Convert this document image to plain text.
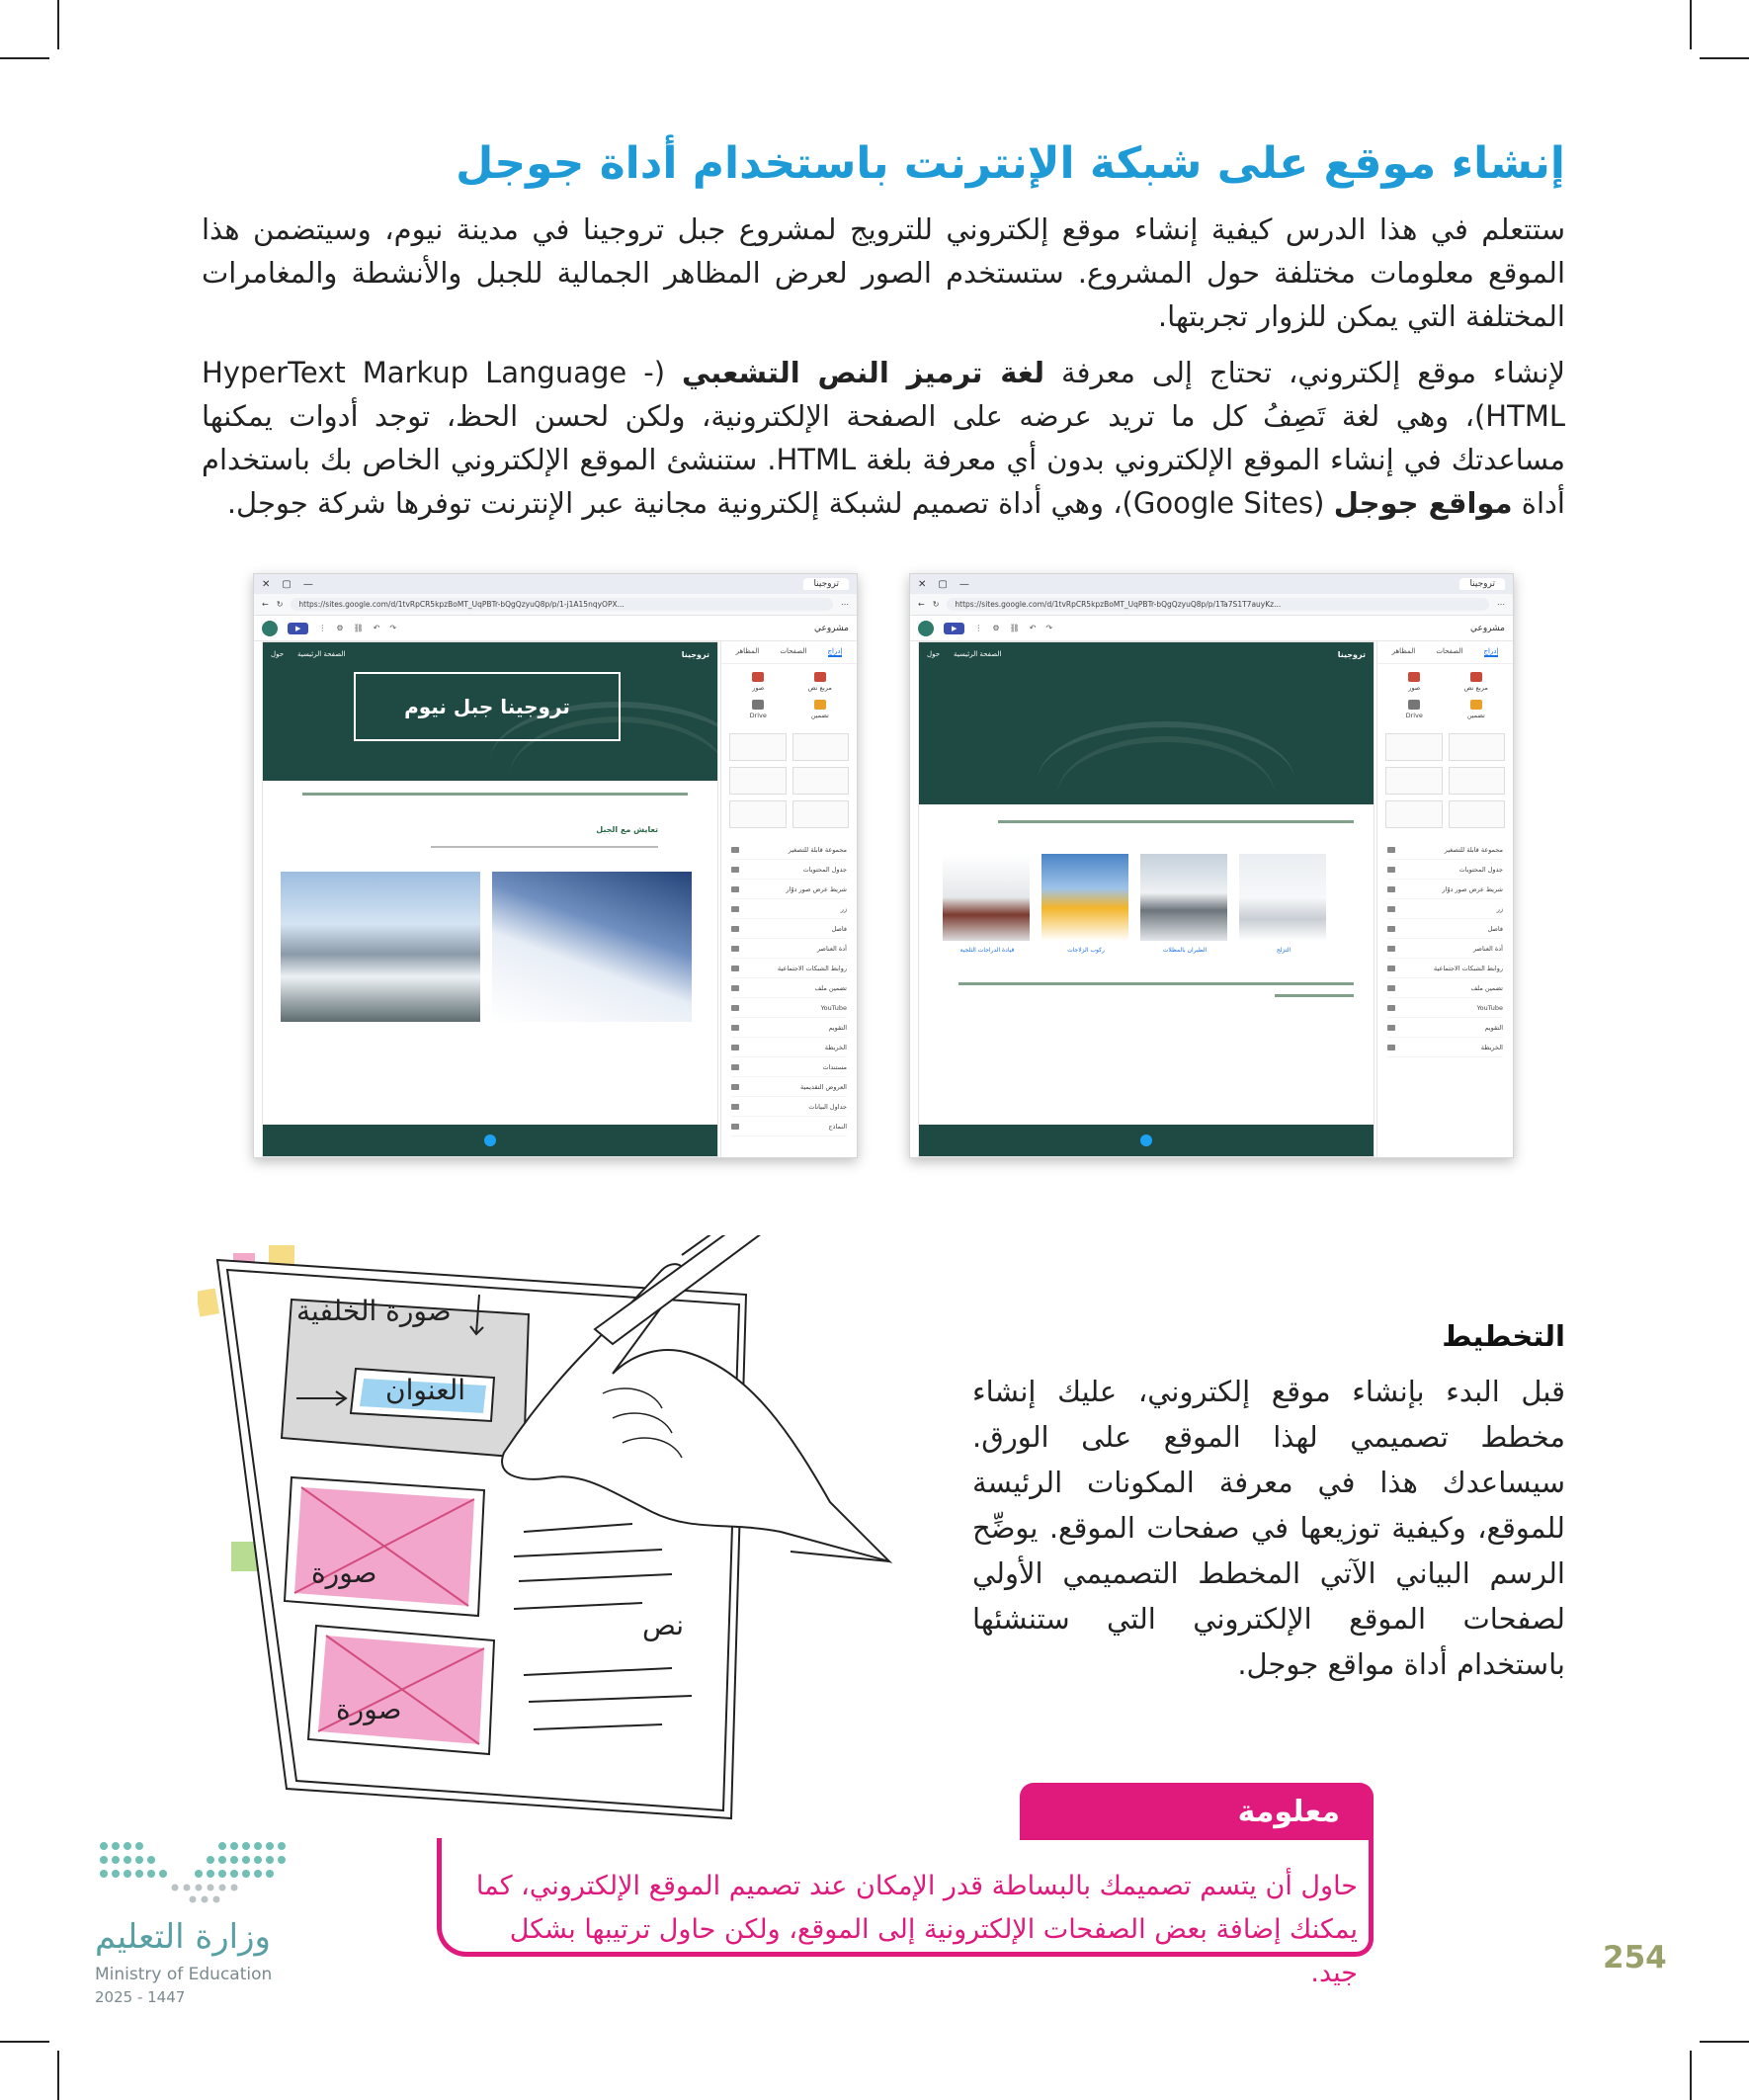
إنشاء موقع على شبكة الإنترنت باستخدام أداة جوجل

ستتعلم في هذا الدرس كيفية إنشاء موقع إلكتروني للترويج لمشروع جبل تروجينا في مدينة نيوم، وسيتضمن هذا الموقع معلومات مختلفة حول المشروع. ستستخدم الصور لعرض المظاهر الجمالية للجبل والأنشطة والمغامرات المختلفة التي يمكن للزوار تجربتها.

لإنشاء موقع إلكتروني، تحتاج إلى معرفة لغة ترميز النص التشعبي (HyperText Markup Language - HTML)، وهي لغة تَصِفُ كل ما تريد عرضه على الصفحة الإلكترونية، ولكن لحسن الحظ، توجد أدوات يمكنها مساعدتك في إنشاء الموقع الإلكتروني بدون أي معرفة بلغة HTML. ستنشئ الموقع الإلكتروني الخاص بك باستخدام أداة مواقع جوجل (Google Sites)، وهي أداة تصميم لشبكة إلكترونية مجانية عبر الإنترنت توفرها شركة جوجل.

✕ ▢ —	تروجينا
← ↻	https://sites.google.com/d/1tvRpCR5kpzBoMT_UqPBTr-bQgQzyuQ8p/p/1-j1A15nqyOPX...	⋯
▶	⋮ ⚙ ⛓ ↶ ↷	مشروعي
تروجينا
الصفحة الرئيسية
حول
تروجينا جبل نيوم
تعايش مع الجبل
إدراج
الصفحات
المظاهر
مربع نص
صور
تضمين
Drive
مجموعة قابلة للتصغير
جدول المحتويات
شريط عرض صور دوّار
زر
فاصل
أدة العناصر
روابط الشبكات الاجتماعية
تضمين ملف
YouTube
التقويم
الخريطة
مستندات
العروض التقديمية
جداول البيانات
النماذج
✕ ▢ —	تروجينا
← ↻	https://sites.google.com/d/1tvRpCR5kpzBoMT_UqPBTr-bQgQzyuQ8p/p/1Ta7S1T7auyKz...	⋯
▶	⋮ ⚙ ⛓ ↶ ↷	مشروعي
تروجينا
الصفحة الرئيسية
حول
قيادة الدراجات الثلجية	ركوب الزلاجات	الطيران بالمظلات	التزلج
إدراج
الصفحات
المظاهر
مربع نص
صور
تضمين
Drive
مجموعة قابلة للتصغير
جدول المحتويات
شريط عرض صور دوّار
زر
فاصل
أدة العناصر
روابط الشبكات الاجتماعية
تضمين ملف
YouTube
التقويم
الخريطة
التخطيط

قبل البدء بإنشاء موقع إلكتروني، عليك إنشاء مخطط تصميمي لهذا الموقع على الورق. سيساعدك هذا في معرفة المكونات الرئيسة للموقع، وكيفية توزيعها في صفحات الموقع. يوضِّح الرسم البياني الآتي المخطط التصميمي الأولي لصفحات الموقع الإلكتروني التي ستنشئها باستخدام أداة مواقع جوجل.

صورة الخلفية
العنوان
صورة
صورة
نص
معلومة

حاول أن يتسم تصميمك بالبساطة قدر الإمكان عند تصميم الموقع الإلكتروني، كما يمكنك إضافة بعض الصفحات الإلكترونية إلى الموقع، ولكن حاول ترتيبها بشكل جيد.

وزارة التعليم
Ministry of Education
2025 - 1447
254
